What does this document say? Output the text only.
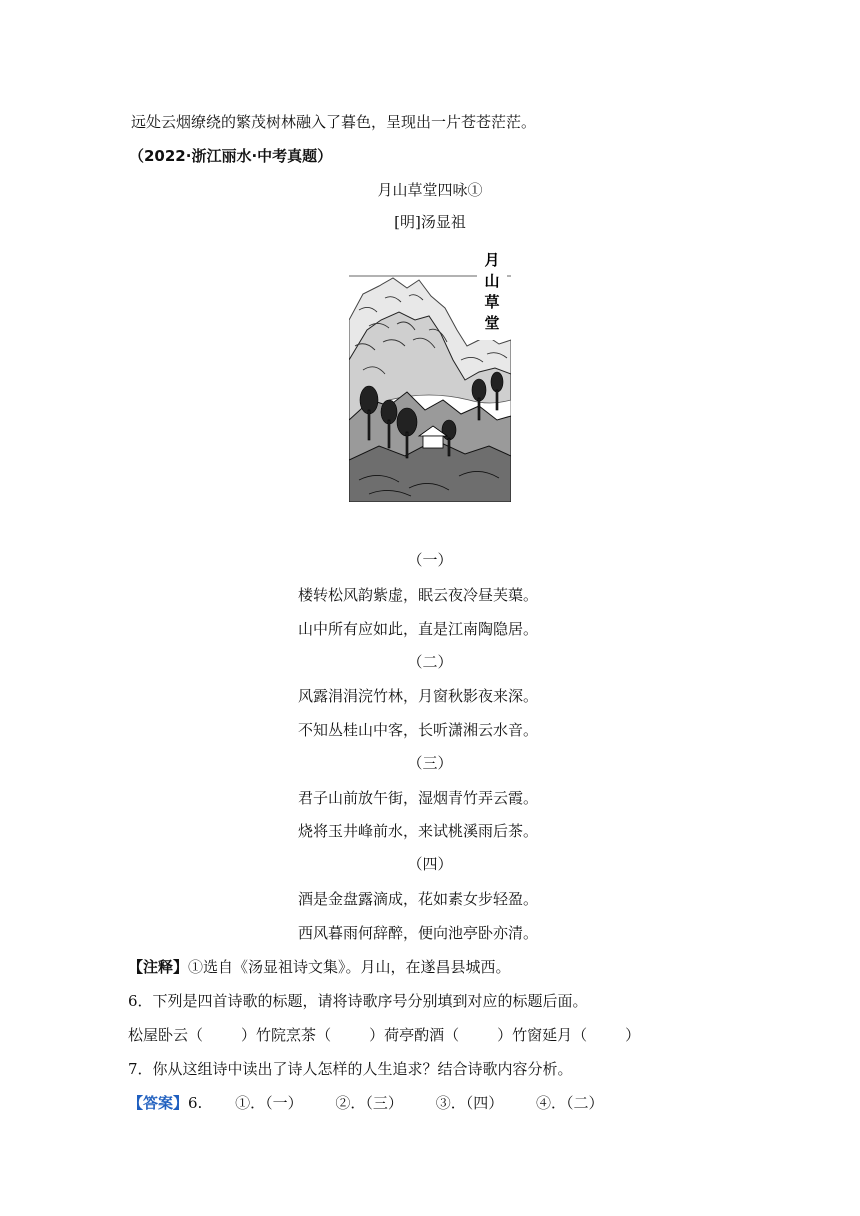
远处云烟缭绕的繁茂树林融入了暮色，呈现出一片苍苍茫茫。
（2022·浙江丽水·中考真题）
月山草堂四咏①
[明]汤显祖
月
山
草
堂
（一）
楼转松风韵紫虚，眠云夜冷昼芙蕖。
山中所有应如此，直是江南陶隐居。
（二）
风露涓涓浣竹林，月窗秋影夜来深。
不知丛桂山中客，长听潇湘云水音。
（三）
君子山前放午街，湿烟青竹弄云霞。
烧将玉井峰前水，来试桃溪雨后茶。
（四）
酒是金盘露滴成，花如素女步轻盈。
西风暮雨何辞醉，便向池亭卧亦清。
【注释】①选自《汤显祖诗文集》。月山，在遂昌县城西。
6．下列是四首诗歌的标题，请将诗歌序号分别填到对应的标题后面。
松屋卧云（	）竹院烹茶（	）荷亭酌酒（	）竹窗延月（	）
7．你从这组诗中读出了诗人怎样的人生追求？结合诗歌内容分析。
【答案】6. ①．（一） ②．（三） ③．（四） ④．（二）
